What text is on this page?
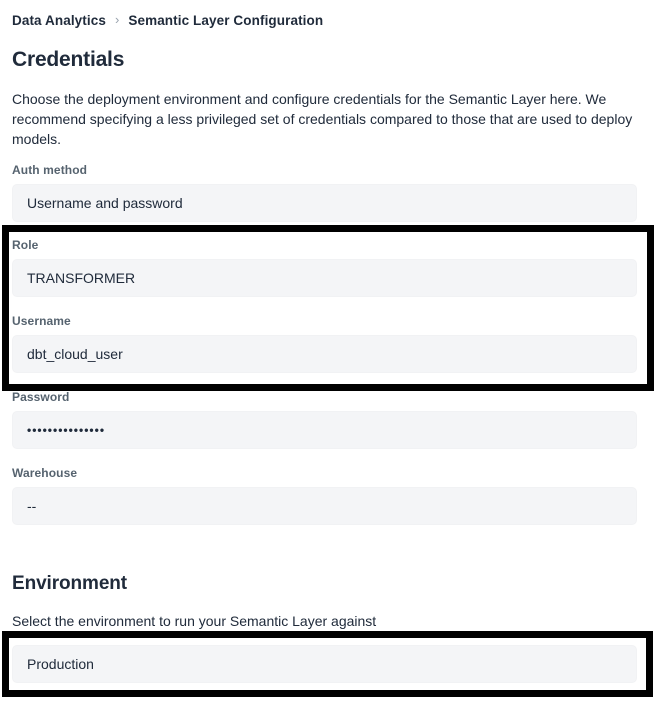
Data Analytics › Semantic Layer Configuration
Credentials
Choose the deployment environment and configure credentials for the Semantic Layer here. We
recommend specifying a less privileged set of credentials compared to those that are used to deploy
models.
Auth method
Username and password
Role
TRANSFORMER
Username
dbt_cloud_user
Password
•••••••••••••••
Warehouse
--
Environment
Select the environment to run your Semantic Layer against
Production
